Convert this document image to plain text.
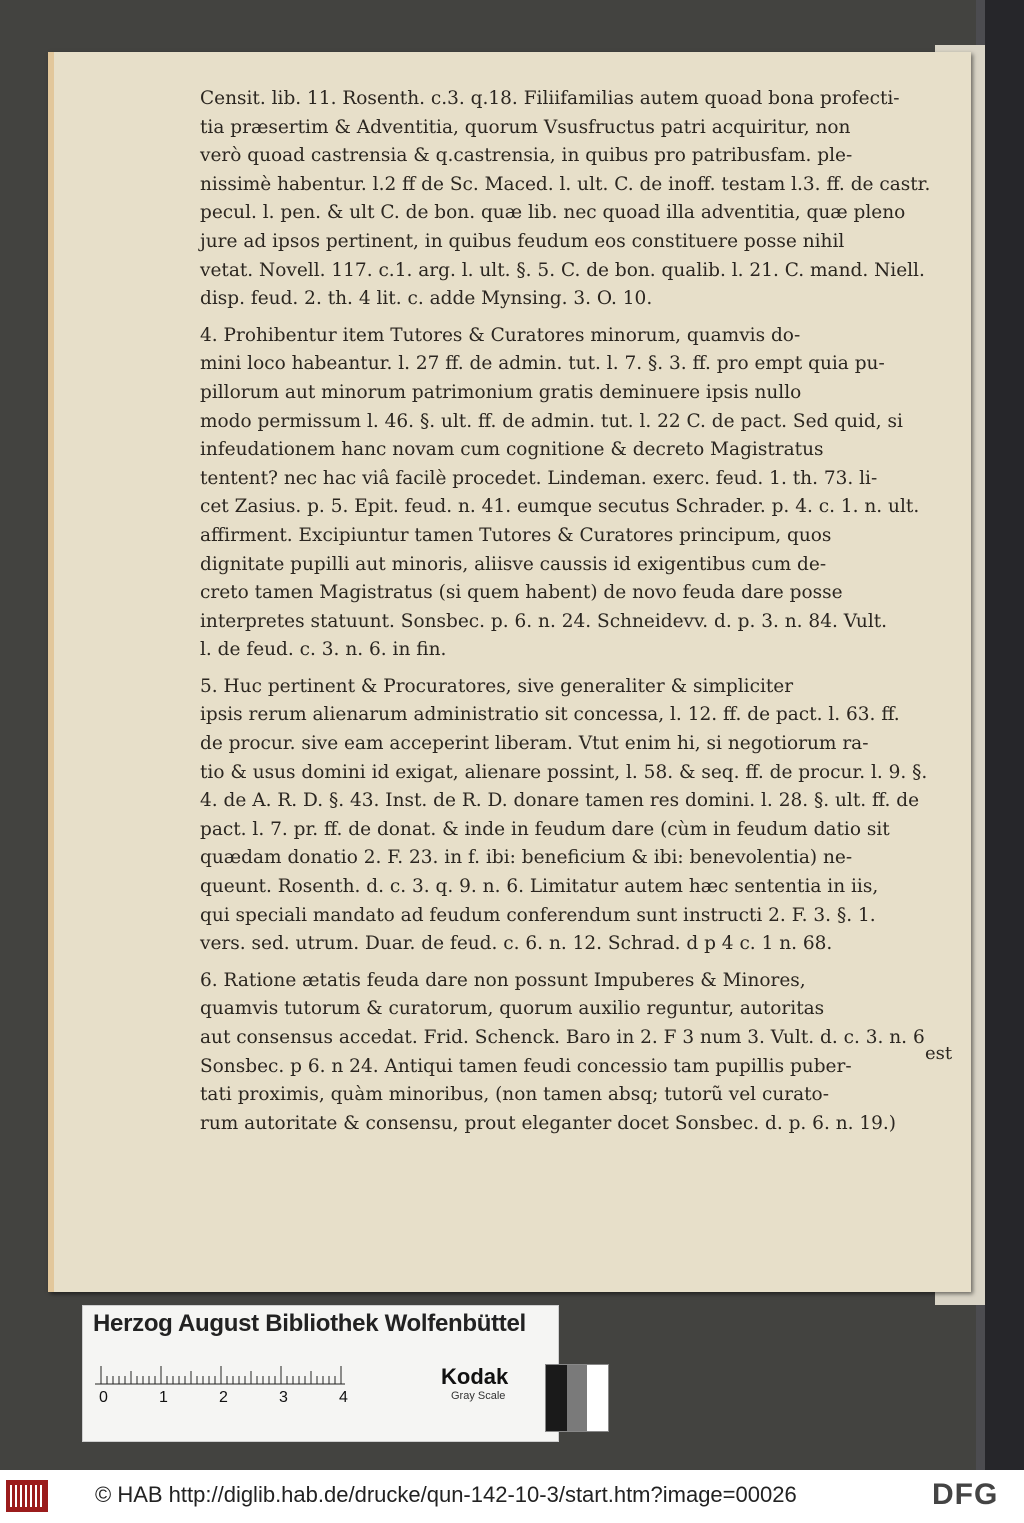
Censit. lib. 11. Rosenth. c.3. q.18. Filiifamilias autem quoad bona profecti-
tia præsertim & Adventitia, quorum Vsusfructus patri acquiritur, non
verò quoad castrensia & q.castrensia, in quibus pro patribusfam. ple-
nissimè habentur. l.2 ff de Sc. Maced. l. ult. C. de inoff. testam l.3. ff. de castr.
pecul. l. pen. & ult C. de bon. quæ lib. nec quoad illa adventitia, quæ pleno
jure ad ipsos pertinent, in quibus feudum eos constituere posse nihil
vetat. Novell. 117. c.1. arg. l. ult. §. 5. C. de bon. qualib. l. 21. C. mand. Niell.
disp. feud. 2. th. 4 lit. c. adde Mynsing. 3. O. 10.
4. Prohibentur item Tutores & Curatores minorum, quamvis do-
mini loco habeantur. l. 27 ff. de admin. tut. l. 7. §. 3. ff. pro empt quia pu-
pillorum aut minorum patrimonium gratis deminuere ipsis nullo
modo permissum l. 46. §. ult. ff. de admin. tut. l. 22 C. de pact. Sed quid, si
infeudationem hanc novam cum cognitione & decreto Magistratus
tentent? nec hac viâ facilè procedet. Lindeman. exerc. feud. 1. th. 73. li-
cet Zasius. p. 5. Epit. feud. n. 41. eumque secutus Schrader. p. 4. c. 1. n. ult.
affirment. Excipiuntur tamen Tutores & Curatores principum, quos
dignitate pupilli aut minoris, aliisve caussis id exigentibus cum de-
creto tamen Magistratus (si quem habent) de novo feuda dare posse
interpretes statuunt. Sonsbec. p. 6. n. 24. Schneidevv. d. p. 3. n. 84. Vult.
l. de feud. c. 3. n. 6. in fin.
5. Huc pertinent & Procuratores, sive generaliter & simpliciter
ipsis rerum alienarum administratio sit concessa, l. 12. ff. de pact. l. 63. ff.
de procur. sive eam acceperint liberam. Vtut enim hi, si negotiorum ra-
tio & usus domini id exigat, alienare possint, l. 58. & seq. ff. de procur. l. 9. §.
4. de A. R. D. §. 43. Inst. de R. D. donare tamen res domini. l. 28. §. ult. ff. de
pact. l. 7. pr. ff. de donat. & inde in feudum dare (cùm in feudum datio sit
quædam donatio 2. F. 23. in f. ibi: beneficium & ibi: benevolentia) ne-
queunt. Rosenth. d. c. 3. q. 9. n. 6. Limitatur autem hæc sententia in iis,
qui speciali mandato ad feudum conferendum sunt instructi 2. F. 3. §. 1.
vers. sed. utrum. Duar. de feud. c. 6. n. 12. Schrad. d p 4 c. 1 n. 68.
6. Ratione ætatis feuda dare non possunt Impuberes & Minores,
quamvis tutorum & curatorum, quorum auxilio reguntur, autoritas
aut consensus accedat. Frid. Schenck. Baro in 2. F 3 num 3. Vult. d. c. 3. n. 6
Sonsbec. p 6. n 24. Antiqui tamen feudi concessio tam pupillis puber-
tati proximis, quàm minoribus, (non tamen absq; tutorũ vel curato-
rum autoritate & consensu, prout eleganter docet Sonsbec. d. p. 6. n. 19.)
est
Herzog August Bibliothek Wolfenbüttel
0	1	2	3	4
Kodak
Gray Scale
© HAB http://diglib.hab.de/drucke/qun-142-10-3/start.htm?image=00026	DFG
